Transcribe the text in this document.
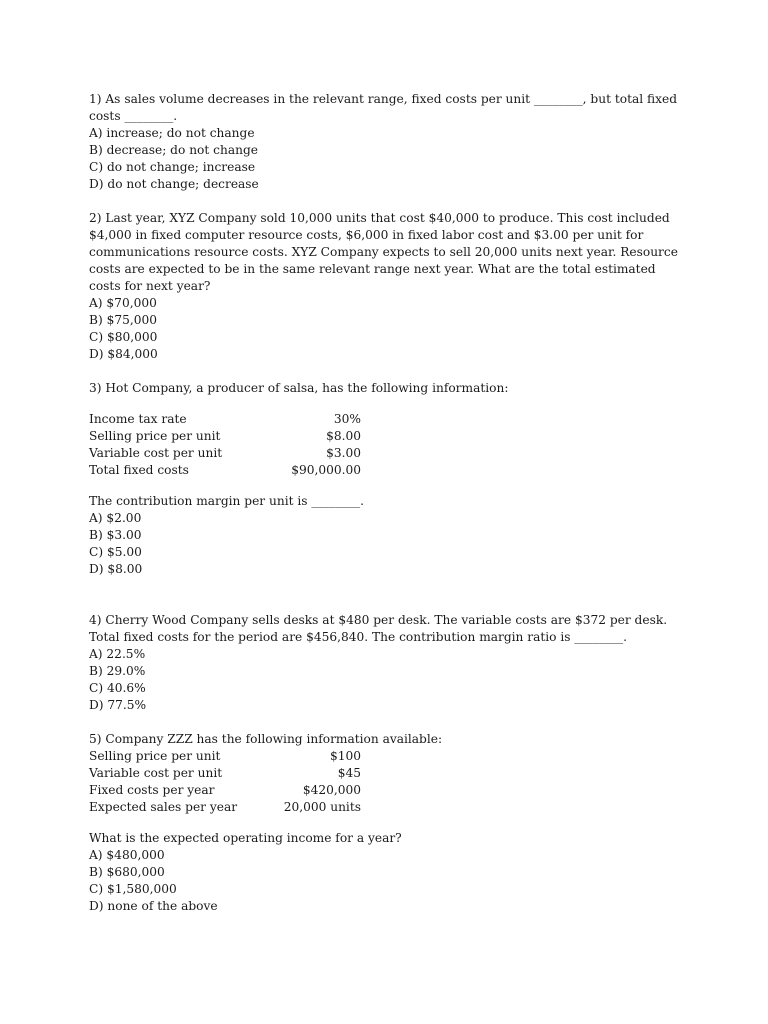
1) As sales volume decreases in the relevant range, fixed costs per unit ________, but total fixed costs ________.

A) increase; do not change
B) decrease; do not change
C) do not change; increase
D) do not change; decrease

2) Last year, XYZ Company sold 10,000 units that cost $40,000 to produce. This cost included $4,000 in fixed computer resource costs, $6,000 in fixed labor cost and $3.00 per unit for communications resource costs. XYZ Company expects to sell 20,000 units next year. Resource costs are expected to be in the same relevant range next year. What are the total estimated costs for next year?

A) $70,000
B) $75,000
C) $80,000
D) $84,000

3) Hot Company, a producer of salsa, has the following information:

Income tax rate	30%
Selling price per unit	$8.00
Variable cost per unit	$3.00
Total fixed costs	$90,000.00

The contribution margin per unit is ________.

A) $2.00
B) $3.00
C) $5.00
D) $8.00

4) Cherry Wood Company sells desks at $480 per desk. The variable costs are $372 per desk. Total fixed costs for the period are $456,840. The contribution margin ratio is ________.

A) 22.5%
B) 29.0%
C) 40.6%
D) 77.5%

5) Company ZZZ has the following information available:

Selling price per unit	$100
Variable cost per unit	$45
Fixed costs per year	$420,000
Expected sales per year	20,000 units

What is the expected operating income for a year?

A) $480,000
B) $680,000
C) $1,580,000
D) none of the above
